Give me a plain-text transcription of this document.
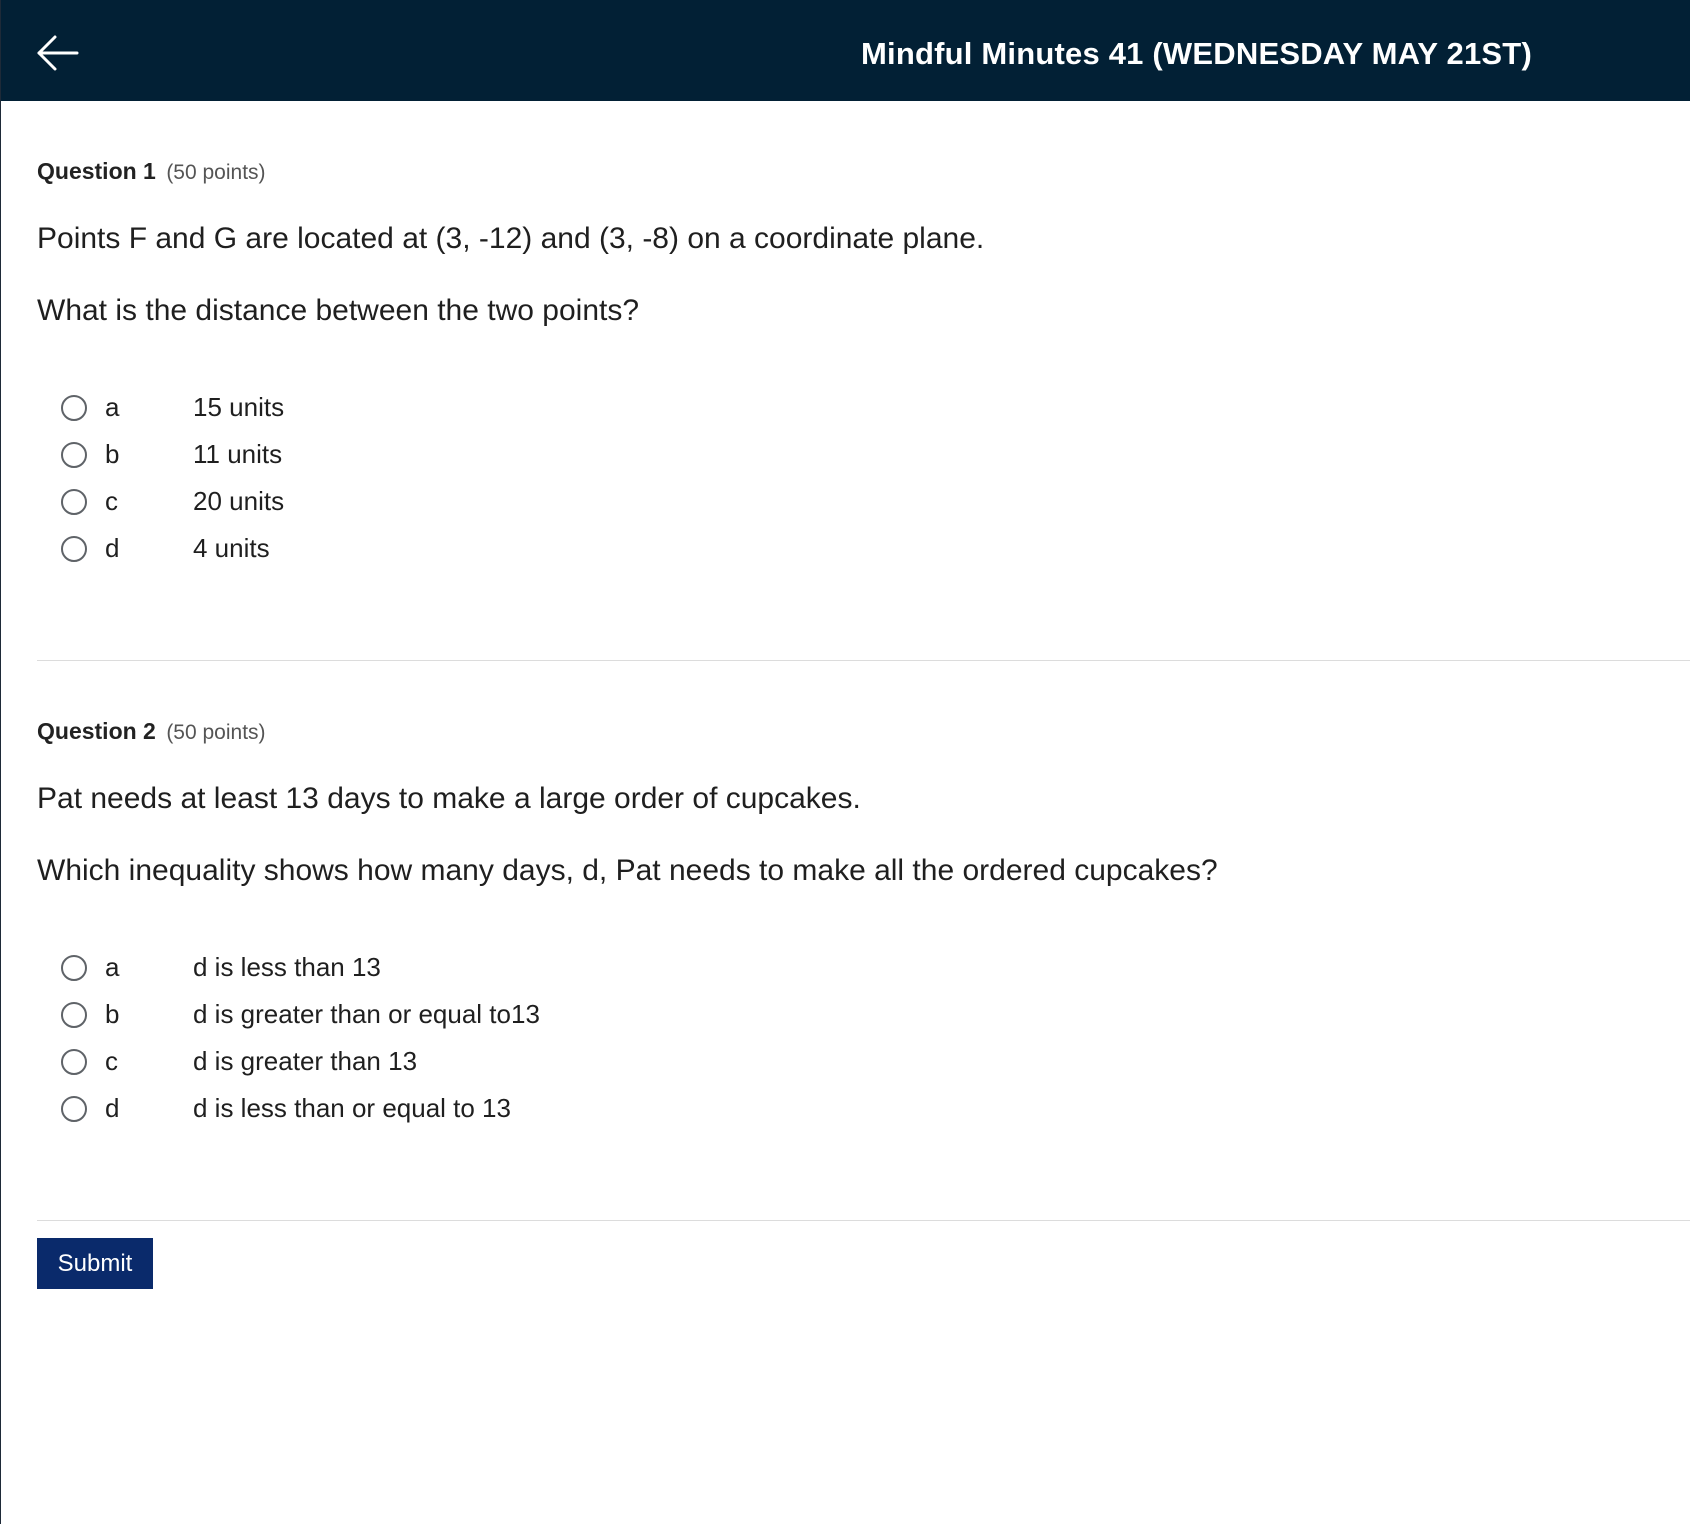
Mindful Minutes 41 (WEDNESDAY MAY 21ST)
Question 1 (50 points)
Points F and G are located at (3, -12) and (3, -8) on a coordinate plane.
What is the distance between the two points?
a	15 units
b	11 units
c	20 units
d	4 units
Question 2 (50 points)
Pat needs at least 13 days to make a large order of cupcakes.
Which inequality shows how many days, d, Pat needs to make all the ordered cupcakes?
a	d is less than 13
b	d is greater than or equal to13
c	d is greater than 13
d	d is less than or equal to 13
Submit
